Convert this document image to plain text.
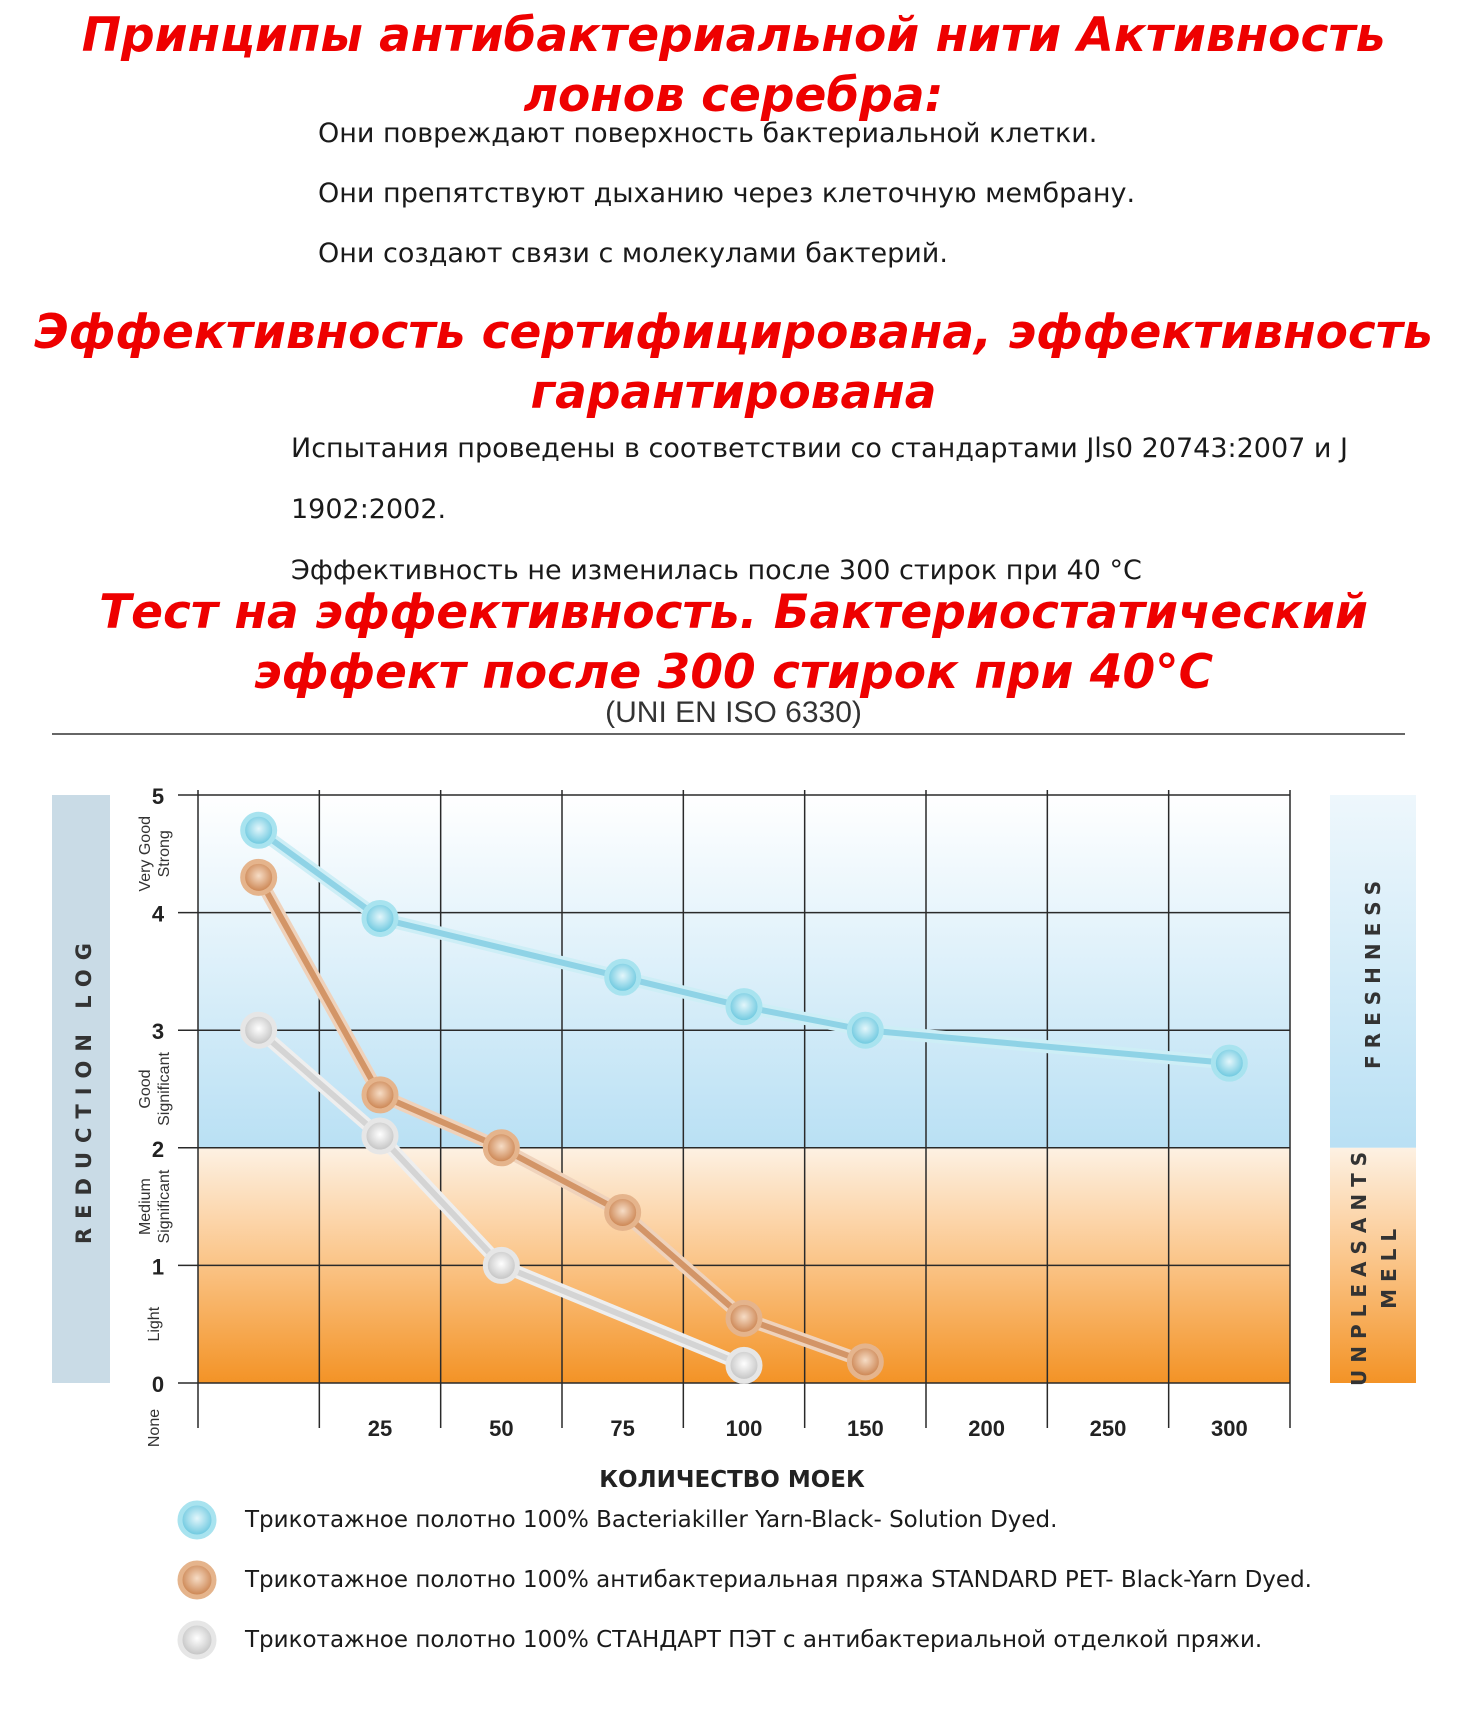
Принципы антибактериальной нити Активность лонов серебра:

Они повреждают поверхность бактериальной клетки.

Они препятствуют дыханию через клеточную мембрану.

Они создают связи с молекулами бактерий.

Эффективность сертифицирована, эффективность гарантирована

Испытания проведены в соответствии со стандартами Jls0 20743:2007 и J

1902:2002.

Эффективность не изменилась после 300 стирок при 40 °C

Тест на эффективность. Бактериостатический эффект после 300 стирок при 40°C
(UNI EN ISO 6330)
0
1
2
3
4
5
25	50	75	100	150	200	250	300
КОЛИЧЕСТВО МОЕК
REDUCTION LOG
None
Light
Medium Significant
Good Significant
Very Good Strong
FRESHNESS
UNPLEASANTS MELL
Трикотажное полотно 100% Bacteriakiller Yarn-Black- Solution Dyed.
Трикотажное полотно 100% антибактериальная пряжа STANDARD PET- Black-Yarn Dyed.
Трикотажное полотно 100% СТАНДАРТ ПЭТ с антибактериальной отделкой пряжи.
